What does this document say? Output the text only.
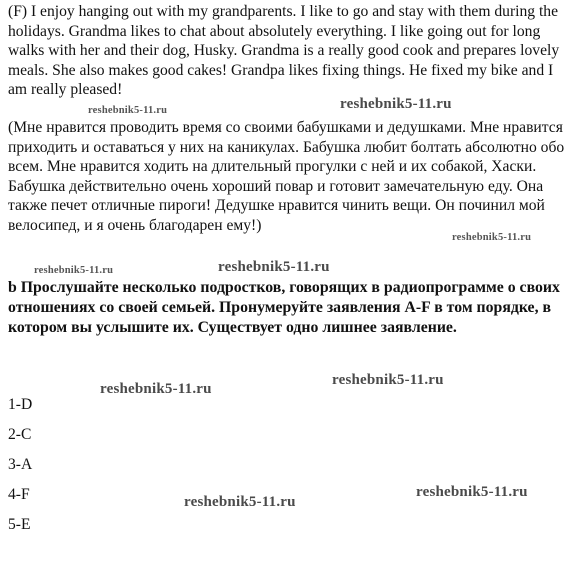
(F) I enjoy hanging out with my grandparents. I like to go and stay with them during the holidays. Grandma likes to chat about absolutely everything. I like going out for long walks with her and their dog, Husky. Grandma is a really good cook and prepares lovely meals. She also makes good cakes! Grandpa likes fixing things. He fixed my bike and I am really pleased!

(Мне нравится проводить время со своими бабушками и дедушками. Мне нравится приходить и оставаться у них на каникулах. Бабушка любит болтать абсолютно обо всем. Мне нравится ходить на длительный прогулки с ней и их собакой, Хаски. Бабушка действительно очень хороший повар и готовит замечательную еду. Она также печет отличные пироги! Дедушке нравится чинить вещи. Он починил мой велосипед, и я очень благодарен ему!)

b Прослушайте несколько подростков, говорящих в радиопрограмме о своих отношениях со своей семьей. Пронумеруйте заявления A-F в том порядке, в котором вы услышите их. Существует одно лишнее заявление.

1-D
2-C
3-A
4-F
5-E
reshebnik5-11.ru	reshebnik5-11.ru
reshebnik5-11.ru
reshebnik5-11.ru	reshebnik5-11.ru
reshebnik5-11.ru
reshebnik5-11.ru
reshebnik5-11.ru
reshebnik5-11.ru
